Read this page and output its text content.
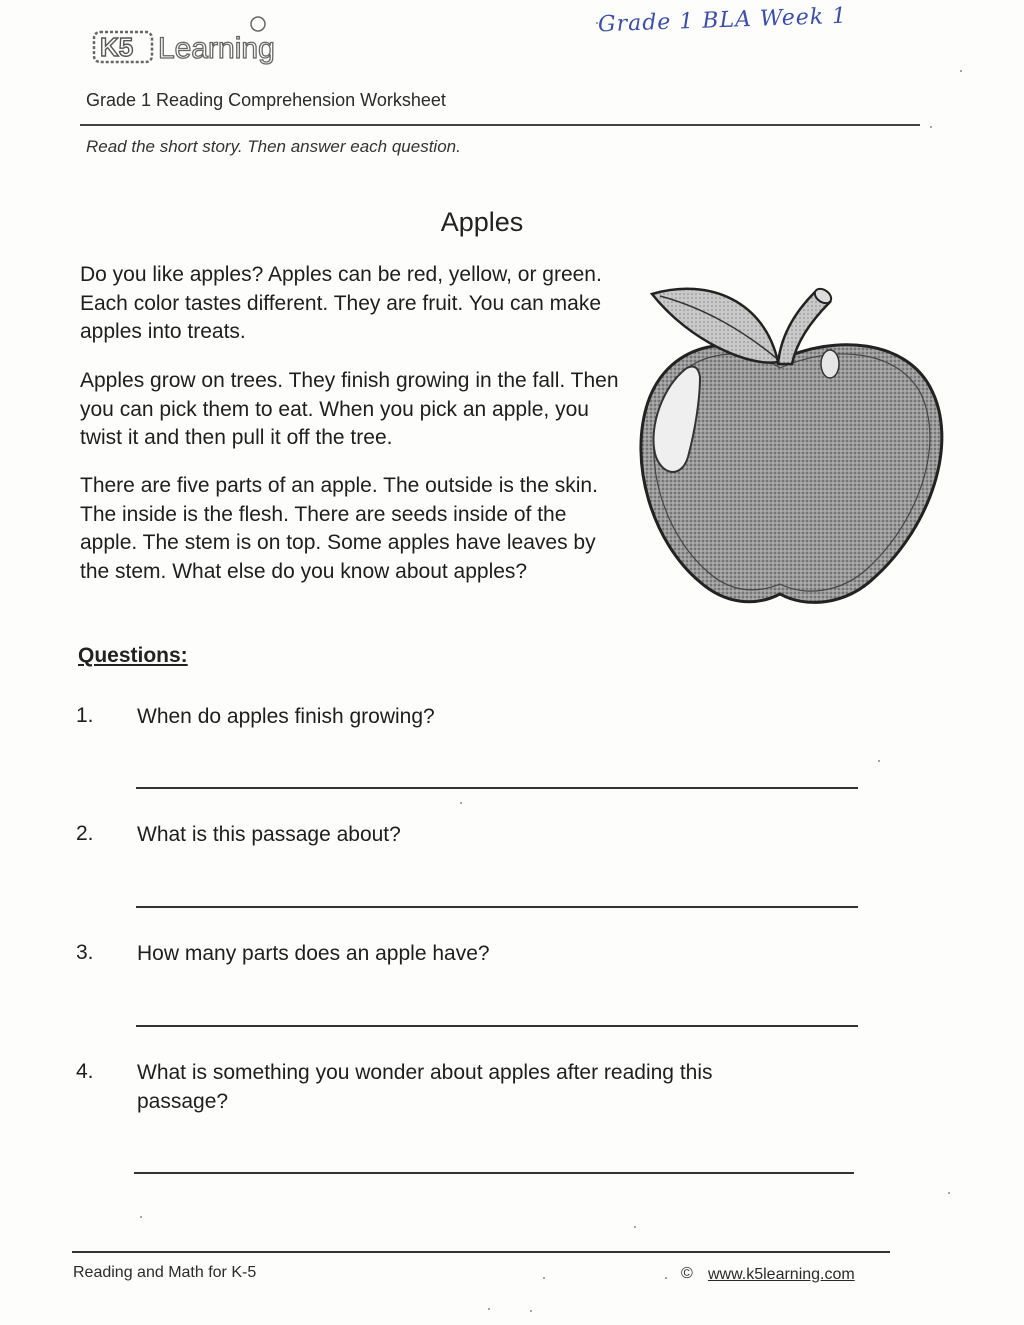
K5 Learning
Grade 1 BLA Week 1
Grade 1 Reading Comprehension Worksheet
Read the short story. Then answer each question.
Apples
Do you like apples? Apples can be red, yellow, or green. Each color tastes different. They are fruit. You can make apples into treats.
Apples grow on trees. They finish growing in the fall. Then you can pick them to eat. When you pick an apple, you twist it and then pull it off the tree.
There are five parts of an apple. The outside is the skin. The inside is the flesh. There are seeds inside of the apple. The stem is on top. Some apples have leaves by the stem. What else do you know about apples?
Questions:
1. When do apples finish growing?
2. What is this passage about?
3. How many parts does an apple have?
4. What is something you wonder about apples after reading this passage?
Reading and Math for K-5	© www.k5learning.com
